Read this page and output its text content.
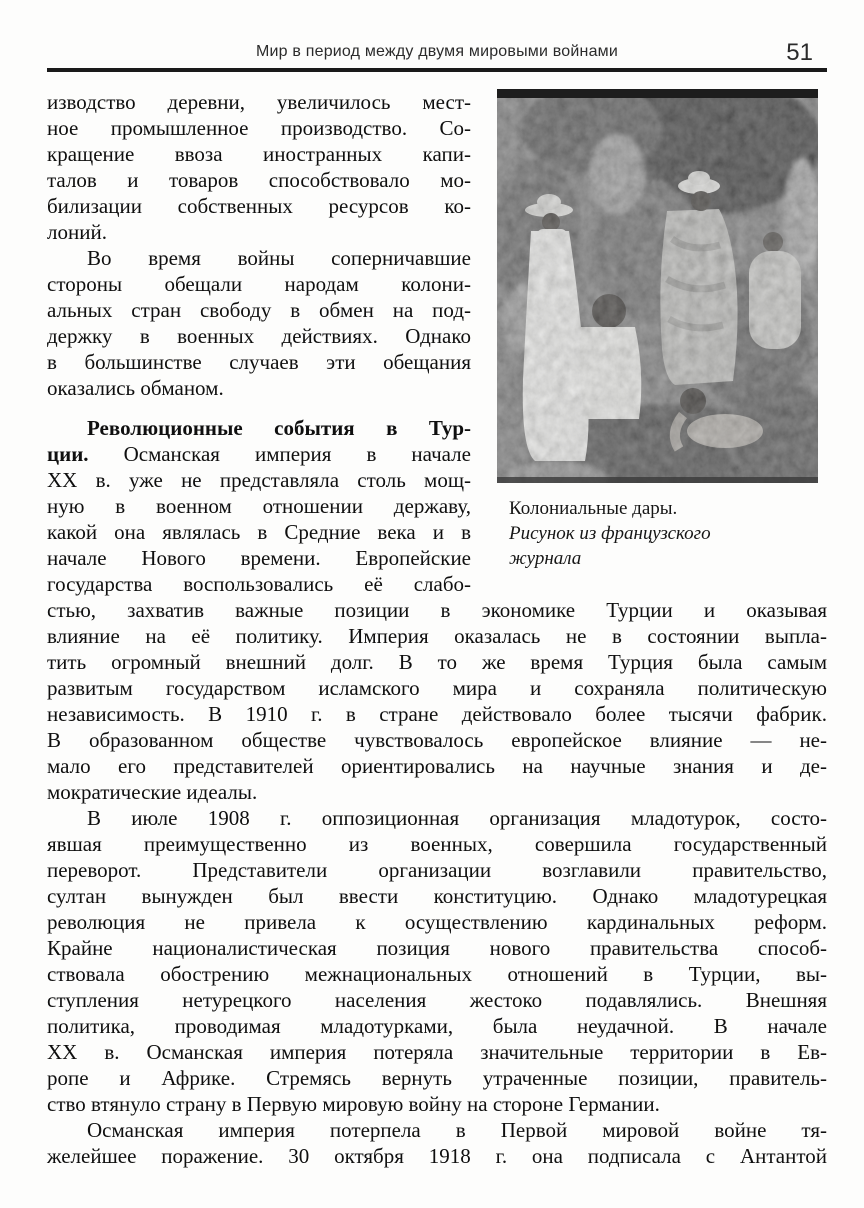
Мир в период между двумя мировыми войнами	51
изводство деревни, увеличилось мест-
ное промышленное производство. Со-
кращение ввоза иностранных капи-
талов и товаров способствовало мо-
билизации собственных ресурсов ко-
лоний.
Во время войны соперничавшие
стороны обещали народам колони-
альных стран свободу в обмен на под-
держку в военных действиях. Однако
в большинстве случаев эти обещания
оказались обманом.
Революционные события в Тур-
ции. Османская империя в начале
XX в. уже не представляла столь мощ-
ную в военном отношении державу,
какой она являлась в Средние века и в
начале Нового времени. Европейские
государства воспользовались её слабо-
Колониальные дары.
Рисунок из французского
журнала
стью, захватив важные позиции в экономике Турции и оказывая
влияние на её политику. Империя оказалась не в состоянии выпла-
тить огромный внешний долг. В то же время Турция была самым
развитым государством исламского мира и сохраняла политическую
независимость. В 1910 г. в стране действовало более тысячи фабрик.
В образованном обществе чувствовалось европейское влияние — не-
мало его представителей ориентировались на научные знания и де-
мократические идеалы.
В июле 1908 г. оппозиционная организация младотурок, состо-
явшая преимущественно из военных, совершила государственный
переворот. Представители организации возглавили правительство,
султан вынужден был ввести конституцию. Однако младотурецкая
революция не привела к осуществлению кардинальных реформ.
Крайне националистическая позиция нового правительства способ-
ствовала обострению межнациональных отношений в Турции, вы-
ступления нетурецкого населения жестоко подавлялись. Внешняя
политика, проводимая младотурками, была неудачной. В начале
XX в. Османская империя потеряла значительные территории в Ев-
ропе и Африке. Стремясь вернуть утраченные позиции, правитель-
ство втянуло страну в Первую мировую войну на стороне Германии.
Османская империя потерпела в Первой мировой войне тя-
желейшее поражение. 30 октября 1918 г. она подписала с Антантой
